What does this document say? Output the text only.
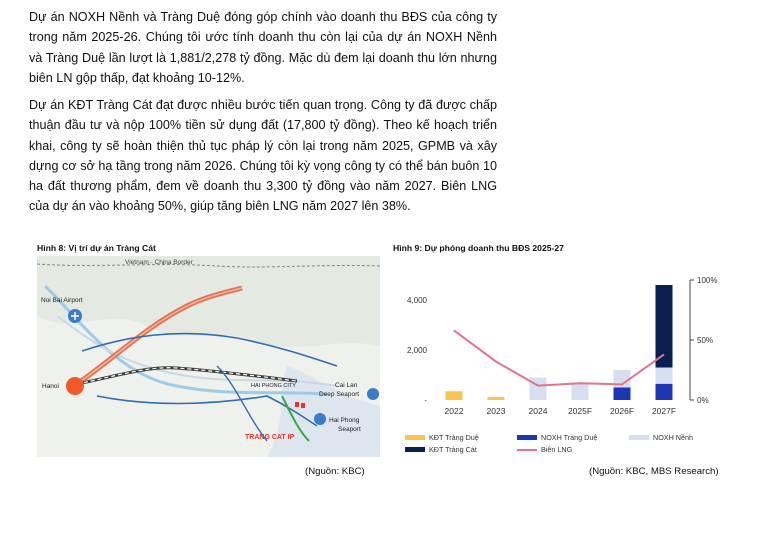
Dự án NOXH Nềnh và Tràng Duệ đóng góp chính vào doanh thu BĐS của công ty trong năm 2025-26. Chúng tôi ước tính doanh thu còn lại của dự án NOXH Nềnh và Tràng Duệ lần lượt là 1,881/2,278 tỷ đồng. Mặc dù đem lại doanh thu lớn nhưng biên LN gộp thấp, đạt khoảng 10-12%.

Dự án KĐT Tràng Cát đạt được nhiều bước tiến quan trọng. Công ty đã được chấp thuận đầu tư và nộp 100% tiền sử dụng đất (17,800 tỷ đồng). Theo kế hoạch triển khai, công ty sẽ hoàn thiện thủ tục pháp lý còn lại trong năm 2025, GPMB và xây dựng cơ sở hạ tầng trong năm 2026. Chúng tôi kỳ vọng công ty có thể bán buôn 10 ha đất thương phẩm, đem về doanh thu 3,300 tỷ đồng vào năm 2027. Biên LNG của dự án vào khoảng 50%, giúp tăng biên LNG năm 2027 lên 38%.

Hình 8: Vị trí dự án Tràng Cát	Hình 9: Dự phóng doanh thu BĐS 2025-27
Vietnam - China Border
Noi Bai Airport
Hanoi	HAI PHONG CITY	Cai Lan
Deep Seaport
Hai Phong
Seaport
TRANG CAT IP
-
2,000
4,000
0%
50%
100%
2022	2023	2024 2025F 2026F 2027F
KĐT Tràng Duệ	NOXH Tràng Duệ	NOXH Nềnh
KĐT Tràng Cát	Biên LNG
(Nguồn: KBC)	(Nguồn: KBC, MBS Research)
